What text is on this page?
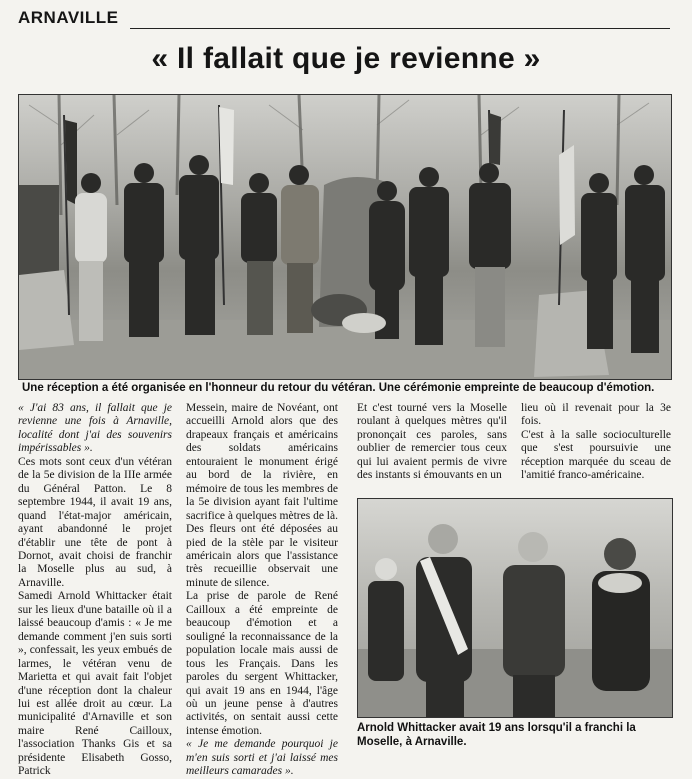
ARNAVILLE
« Il fallait que je revienne »
Une réception a été organisée en l'honneur du retour du vétéran. Une cérémonie empreinte de beaucoup d'émotion.

« J'ai 83 ans, il fallait que je revienne une fois à Arnaville, localité dont j'ai des souvenirs impérissables ».

Ces mots sont ceux d'un vétéran de la 5e division de la IIIe armée du Général Patton. Le 8 septembre 1944, il avait 19 ans, quand l'état-major américain, ayant abandonné le projet d'établir une tête de pont à Dornot, avait choisi de franchir la Moselle plus au sud, à Arnaville.

Samedi Arnold Whittacker était sur les lieux d'une bataille où il a laissé beaucoup d'amis : « Je me demande comment j'en suis sorti », confessait, les yeux embués de larmes, le vétéran venu de Marietta et qui avait fait l'objet d'une réception dont la chaleur lui est allée droit au cœur. La municipalité d'Arnaville et son maire René Cailloux, l'association Thanks Gis et sa présidente Elisabeth Gosso, Patrick

Messein, maire de Novéant, ont accueilli Arnold alors que des drapeaux français et américains des soldats américains entouraient le monument érigé au bord de la rivière, en mémoire de tous les membres de la 5e division ayant fait l'ultime sacrifice à quelques mètres de là.

Des fleurs ont été déposées au pied de la stèle par le visiteur américain alors que l'assistance très recueillie observait une minute de silence.

La prise de parole de René Cailloux a été empreinte de beaucoup d'émotion et a souligné la reconnaissance de la population locale mais aussi de tous les Français. Dans les paroles du sergent Whittacker, qui avait 19 ans en 1944, l'âge où un jeune pense à d'autres activités, on sentait aussi cette intense émotion.

« Je me demande pourquoi je m'en suis sorti et j'ai laissé mes meilleurs camarades ».

Et c'est tourné vers la Moselle roulant à quelques mètres qu'il prononçait ces paroles, sans oublier de remercier tous ceux qui lui avaient permis de vivre des instants si émouvants en un

lieu où il revenait pour la 3e fois.

C'est à la salle socioculturelle que s'est poursuivie une réception marquée du sceau de l'amitié franco-américaine.

Arnold Whittacker avait 19 ans lorsqu'il a franchi la Moselle, à Arnaville.
